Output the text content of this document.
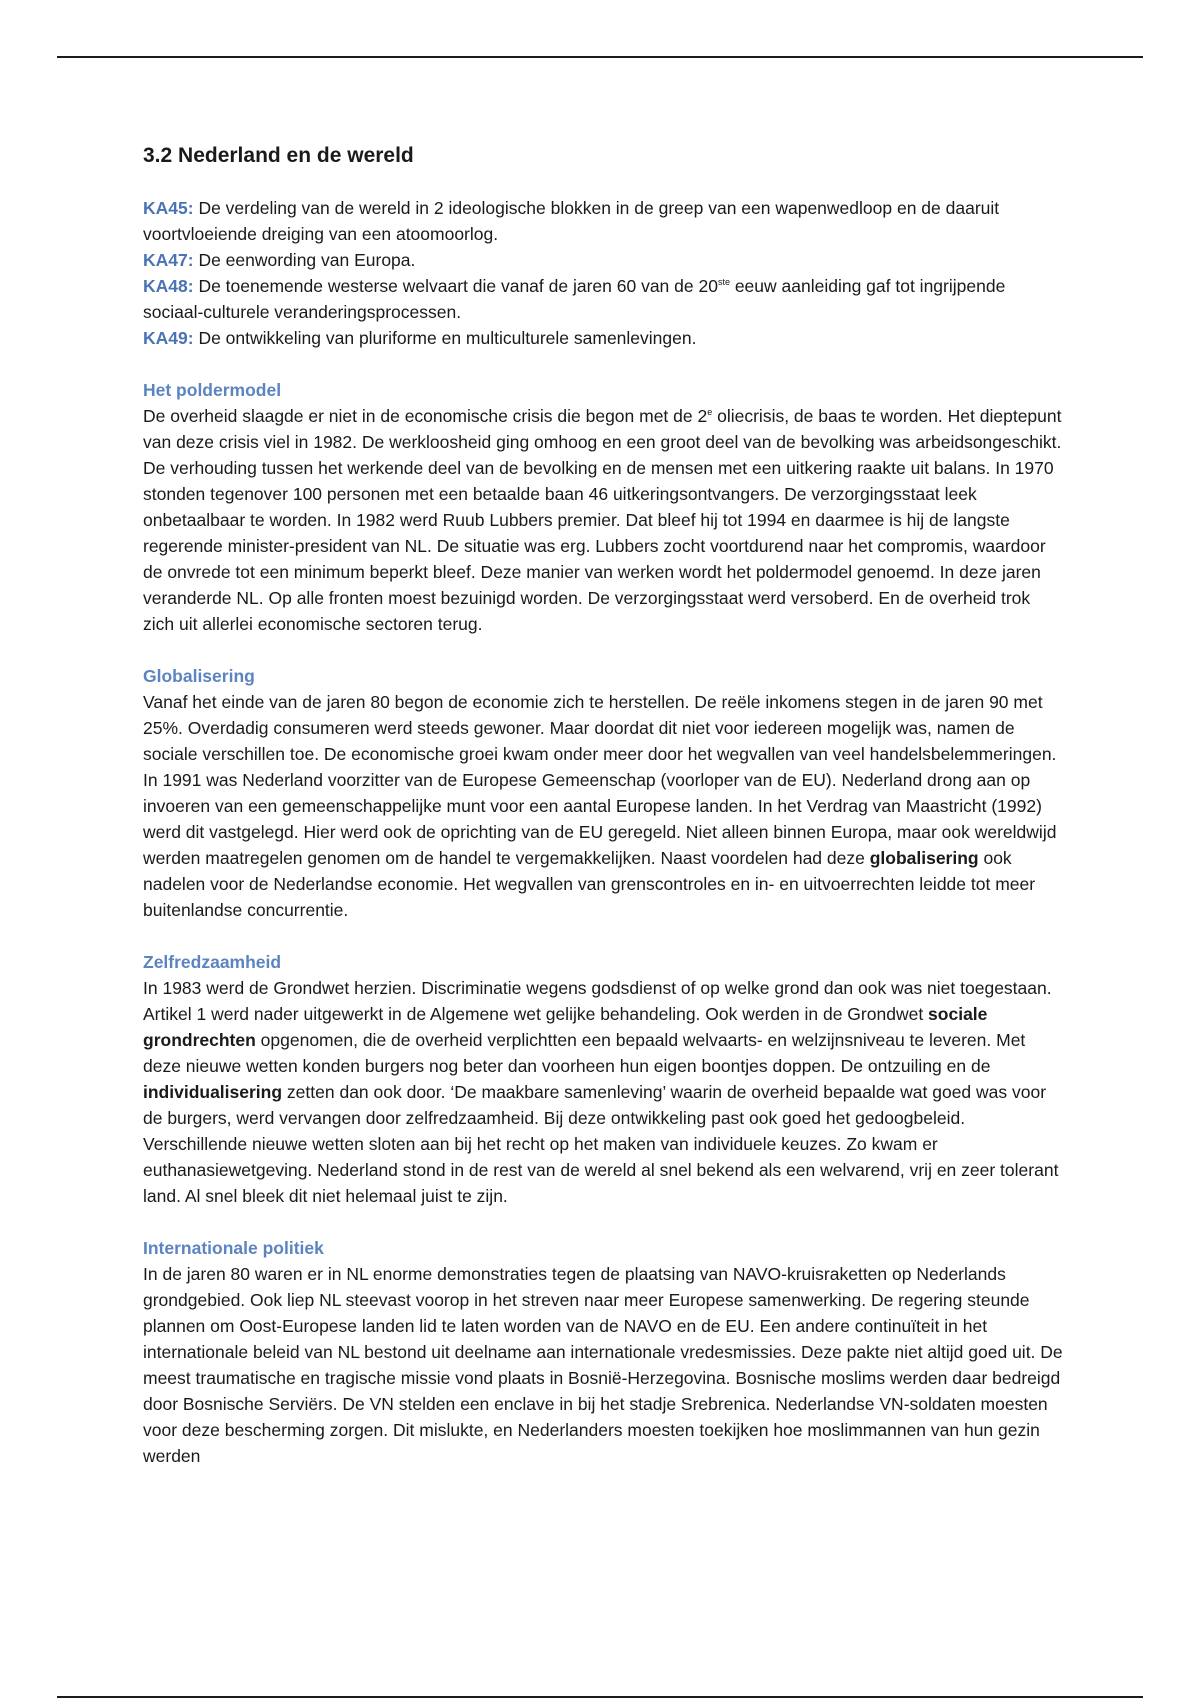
3.2 Nederland en de wereld

KA45: De verdeling van de wereld in 2 ideologische blokken in de greep van een wapenwedloop en de daaruit voortvloeiende dreiging van een atoomoorlog.

KA47: De eenwording van Europa.

KA48: De toenemende westerse welvaart die vanaf de jaren 60 van de 20ste eeuw aanleiding gaf tot ingrijpende sociaal-culturele veranderingsprocessen.

KA49: De ontwikkeling van pluriforme en multiculturele samenlevingen.

Het poldermodel

De overheid slaagde er niet in de economische crisis die begon met de 2e oliecrisis, de baas te worden. Het dieptepunt van deze crisis viel in 1982. De werkloosheid ging omhoog en een groot deel van de bevolking was arbeidsongeschikt. De verhouding tussen het werkende deel van de bevolking en de mensen met een uitkering raakte uit balans. In 1970 stonden tegenover 100 personen met een betaalde baan 46 uitkeringsontvangers. De verzorgingsstaat leek onbetaalbaar te worden. In 1982 werd Ruub Lubbers premier. Dat bleef hij tot 1994 en daarmee is hij de langste regerende minister-president van NL. De situatie was erg. Lubbers zocht voortdurend naar het compromis, waardoor de onvrede tot een minimum beperkt bleef. Deze manier van werken wordt het poldermodel genoemd. In deze jaren veranderde NL. Op alle fronten moest bezuinigd worden. De verzorgingsstaat werd versoberd. En de overheid trok zich uit allerlei economische sectoren terug.

Globalisering

Vanaf het einde van de jaren 80 begon de economie zich te herstellen. De reële inkomens stegen in de jaren 90 met 25%. Overdadig consumeren werd steeds gewoner. Maar doordat dit niet voor iedereen mogelijk was, namen de sociale verschillen toe. De economische groei kwam onder meer door het wegvallen van veel handelsbelemmeringen. In 1991 was Nederland voorzitter van de Europese Gemeenschap (voorloper van de EU). Nederland drong aan op invoeren van een gemeenschappelijke munt voor een aantal Europese landen. In het Verdrag van Maastricht (1992) werd dit vastgelegd. Hier werd ook de oprichting van de EU geregeld. Niet alleen binnen Europa, maar ook wereldwijd werden maatregelen genomen om de handel te vergemakkelijken. Naast voordelen had deze globalisering ook nadelen voor de Nederlandse economie. Het wegvallen van grenscontroles en in- en uitvoerrechten leidde tot meer buitenlandse concurrentie.

Zelfredzaamheid

In 1983 werd de Grondwet herzien. Discriminatie wegens godsdienst of op welke grond dan ook was niet toegestaan. Artikel 1 werd nader uitgewerkt in de Algemene wet gelijke behandeling. Ook werden in de Grondwet sociale grondrechten opgenomen, die de overheid verplichtten een bepaald welvaarts- en welzijnsniveau te leveren. Met deze nieuwe wetten konden burgers nog beter dan voorheen hun eigen boontjes doppen. De ontzuiling en de individualisering zetten dan ook door. ‘De maakbare samenleving’ waarin de overheid bepaalde wat goed was voor de burgers, werd vervangen door zelfredzaamheid. Bij deze ontwikkeling past ook goed het gedoogbeleid. Verschillende nieuwe wetten sloten aan bij het recht op het maken van individuele keuzes. Zo kwam er euthanasiewetgeving. Nederland stond in de rest van de wereld al snel bekend als een welvarend, vrij en zeer tolerant land. Al snel bleek dit niet helemaal juist te zijn.

Internationale politiek

In de jaren 80 waren er in NL enorme demonstraties tegen de plaatsing van NAVO-kruisraketten op Nederlands grondgebied. Ook liep NL steevast voorop in het streven naar meer Europese samenwerking. De regering steunde plannen om Oost-Europese landen lid te laten worden van de NAVO en de EU. Een andere continuïteit in het internationale beleid van NL bestond uit deelname aan internationale vredesmissies. Deze pakte niet altijd goed uit. De meest traumatische en tragische missie vond plaats in Bosnië-Herzegovina. Bosnische moslims werden daar bedreigd door Bosnische Serviërs. De VN stelden een enclave in bij het stadje Srebrenica. Nederlandse VN-soldaten moesten voor deze bescherming zorgen. Dit mislukte, en Nederlanders moesten toekijken hoe moslimmannen van hun gezin werden
